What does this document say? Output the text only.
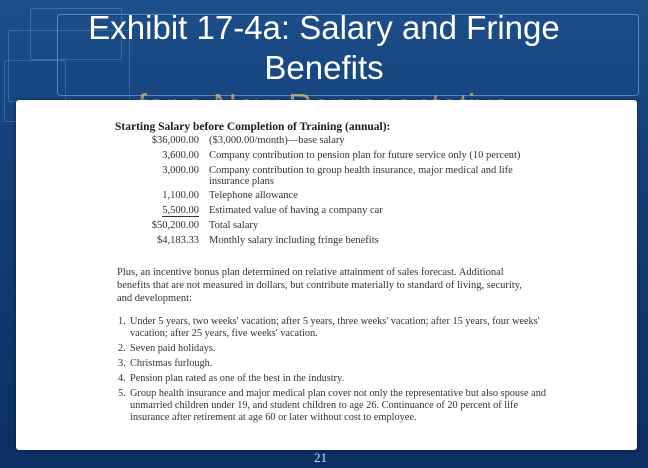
Exhibit 17-4a: Salary and Fringe
Benefits
Starting Salary before Completion of Training (annual):
$36,000.00 ($3,000.00/month)—base salary
3,600.00 Company contribution to pension plan for future service only (10 percent)
3,000.00 Company contribution to group health insurance, major medical and life insurance plans
1,100.00 Telephone allowance
5,500.00 Estimated value of having a company car
$50,200.00 Total salary
$4,183.33 Monthly salary including fringe benefits

Plus, an incentive bonus plan determined on relative attainment of sales forecast. Additional benefits that are not measured in dollars, but contribute materially to standard of living, security, and development:

1. Under 5 years, two weeks' vacation; after 5 years, three weeks' vacation; after 15 years, four weeks' vacation; after 25 years, five weeks' vacation.
2. Seven paid holidays.
3. Christmas furlough.
4. Pension plan rated as one of the best in the industry.
5. Group health insurance and major medical plan cover not only the representative but also spouse and unmarried children under 19, and student children to age 26. Continuance of 20 percent of life insurance after retirement at age 60 or later without cost to employee.
21
